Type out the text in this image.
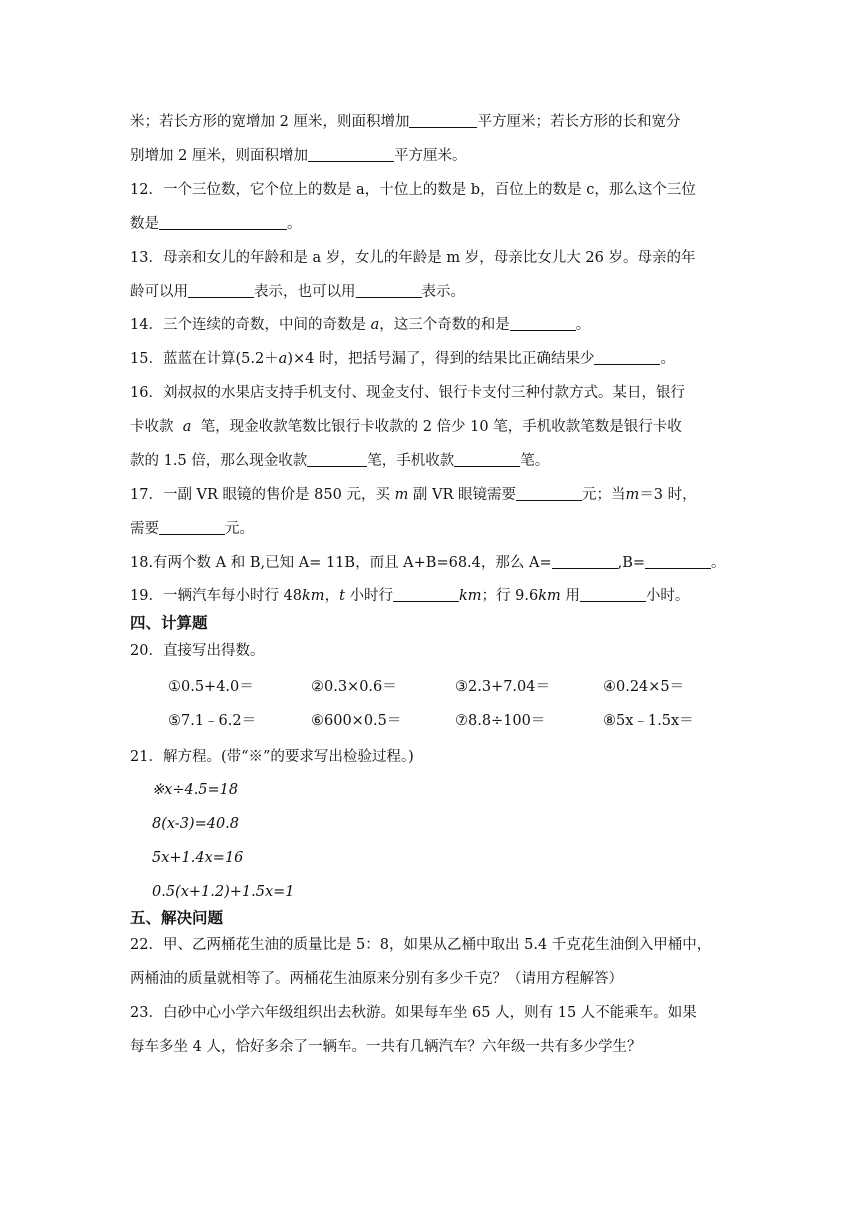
米；若长方形的宽增加 2 厘米，则面积增加	平方厘米；若长方形的长和宽分
别增加 2 厘米，则面积增加	平方厘米。
12．一个三位数，它个位上的数是 a，十位上的数是 b，百位上的数是 c，那么这个三位
数是	。
13．母亲和女儿的年龄和是 a 岁，女儿的年龄是 m 岁，母亲比女儿大 26 岁。母亲的年
龄可以用	表示，也可以用	表示。
14．三个连续的奇数，中间的奇数是 a，这三个奇数的和是	。
15．蓝蓝在计算(5.2＋a)×4 时，把括号漏了，得到的结果比正确结果少	。
16．刘叔叔的水果店支持手机支付、现金支付、银行卡支付三种付款方式。某日，银行
卡收款 a 笔，现金收款笔数比银行卡收款的 2 倍少 10 笔，手机收款笔数是银行卡收
款的 1.5 倍，那么现金收款	笔，手机收款	笔。
17．一副 VR 眼镜的售价是 850 元，买 m 副 VR 眼镜需要	元；当m＝3 时，
需要	元。
18.有两个数 A 和 B,已知 A= 11B，而且 A+B=68.4，那么 A=	,B=	。
19．一辆汽车每小时行 48km，t 小时行	km；行 9.6km 用	小时。
四、计算题
20．直接写出得数。
①0.5+4.0＝	②0.3×0.6＝	③2.3+7.04＝	④0.24×5＝
⑤7.1﹣6.2＝	⑥600×0.5＝	⑦8.8÷100＝	⑧5x﹣1.5x＝
21．解方程。(带“※”的要求写出检验过程。)
※x÷4.5=18
8(x-3)=40.8
5x+1.4x=16
0.5(x+1.2)+1.5x=1
五、解决问题
22．甲、乙两桶花生油的质量比是 5：8，如果从乙桶中取出 5.4 千克花生油倒入甲桶中，
两桶油的质量就相等了。两桶花生油原来分别有多少千克？（请用方程解答）
23．白砂中心小学六年级组织出去秋游。如果每车坐 65 人，则有 15 人不能乘车。如果
每车多坐 4 人，恰好多余了一辆车。一共有几辆汽车？六年级一共有多少学生？
